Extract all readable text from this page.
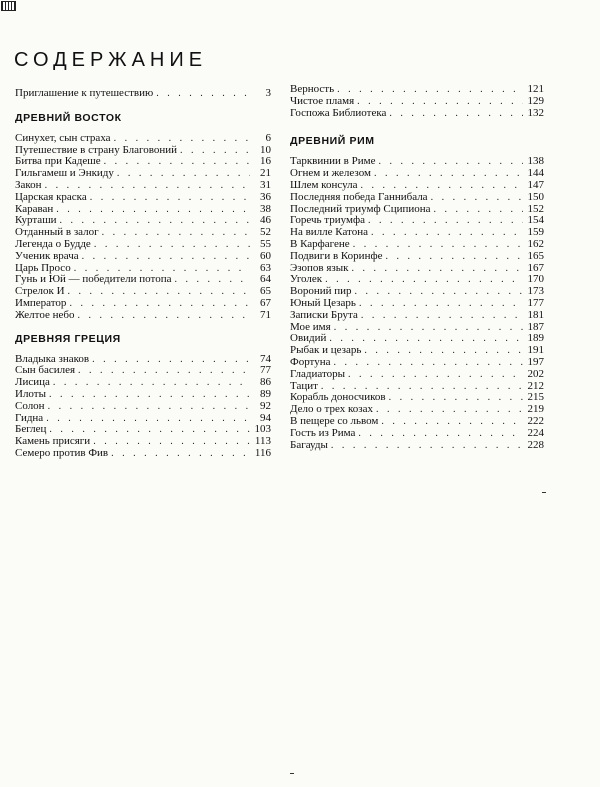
СОДЕРЖАНИЕ
Приглашение к путешествию . . .	3
ДРЕВНИЙ ВОСТОК
Синухет, сын страха . . .	6
Путешествие в страну Благовоний . . .	10
Битва при Кадеше . . .	16
Гильгамеш и Энкиду . . .	21
Закон . . .	31
Царская краска . . .	36
Караван . . .	38
Курташи . . .	46
Отданный в залог . . .	52
Легенда о Будде . . .	55
Ученик врача . . .	60
Царь Просо . . .	63
Гунь и Юй — победители потопа . . .	64
Стрелок И . . .	65
Император . . .	67
Желтое небо . . .	71
ДРЕВНЯЯ ГРЕЦИЯ
Владыка знаков . . .	74
Сын басилея . . .	77
Лисица . . .	86
Илоты . . .	89
Солон . . .	92
Гидна . . .	94
Беглец . . .	103
Камень присяги . . .	113
Семеро против Фив . . .	116
Верность . . .	121
Чистое пламя . . .	129
Госпожа Библиотека . . .	132
ДРЕВНИЙ РИМ
Тарквинии в Риме . . .	138
Огнем и железом . . .	144
Шлем консула . . .	147
Последняя победа Ганнибала . . .	150
Последний триумф Сципиона . . .	152
Горечь триумфа . . .	154
На вилле Катона . . .	159
В Карфагене . . .	162
Подвиги в Коринфе . . .	165
Эзопов язык . . .	167
Уголек . . .	170
Вороний пир . . .	173
Юный Цезарь . . .	177
Записки Брута . . .	181
Мое имя . . .	187
Овидий . . .	189
Рыбак и цезарь . . .	191
Фортуна . . .	197
Гладиаторы . . .	202
Тацит . . .	212
Корабль доносчиков . . .	215
Дело о трех козах . . .	219
В пещере со львом . . .	222
Гость из Рима . . .	224
Багауды . . .	228
